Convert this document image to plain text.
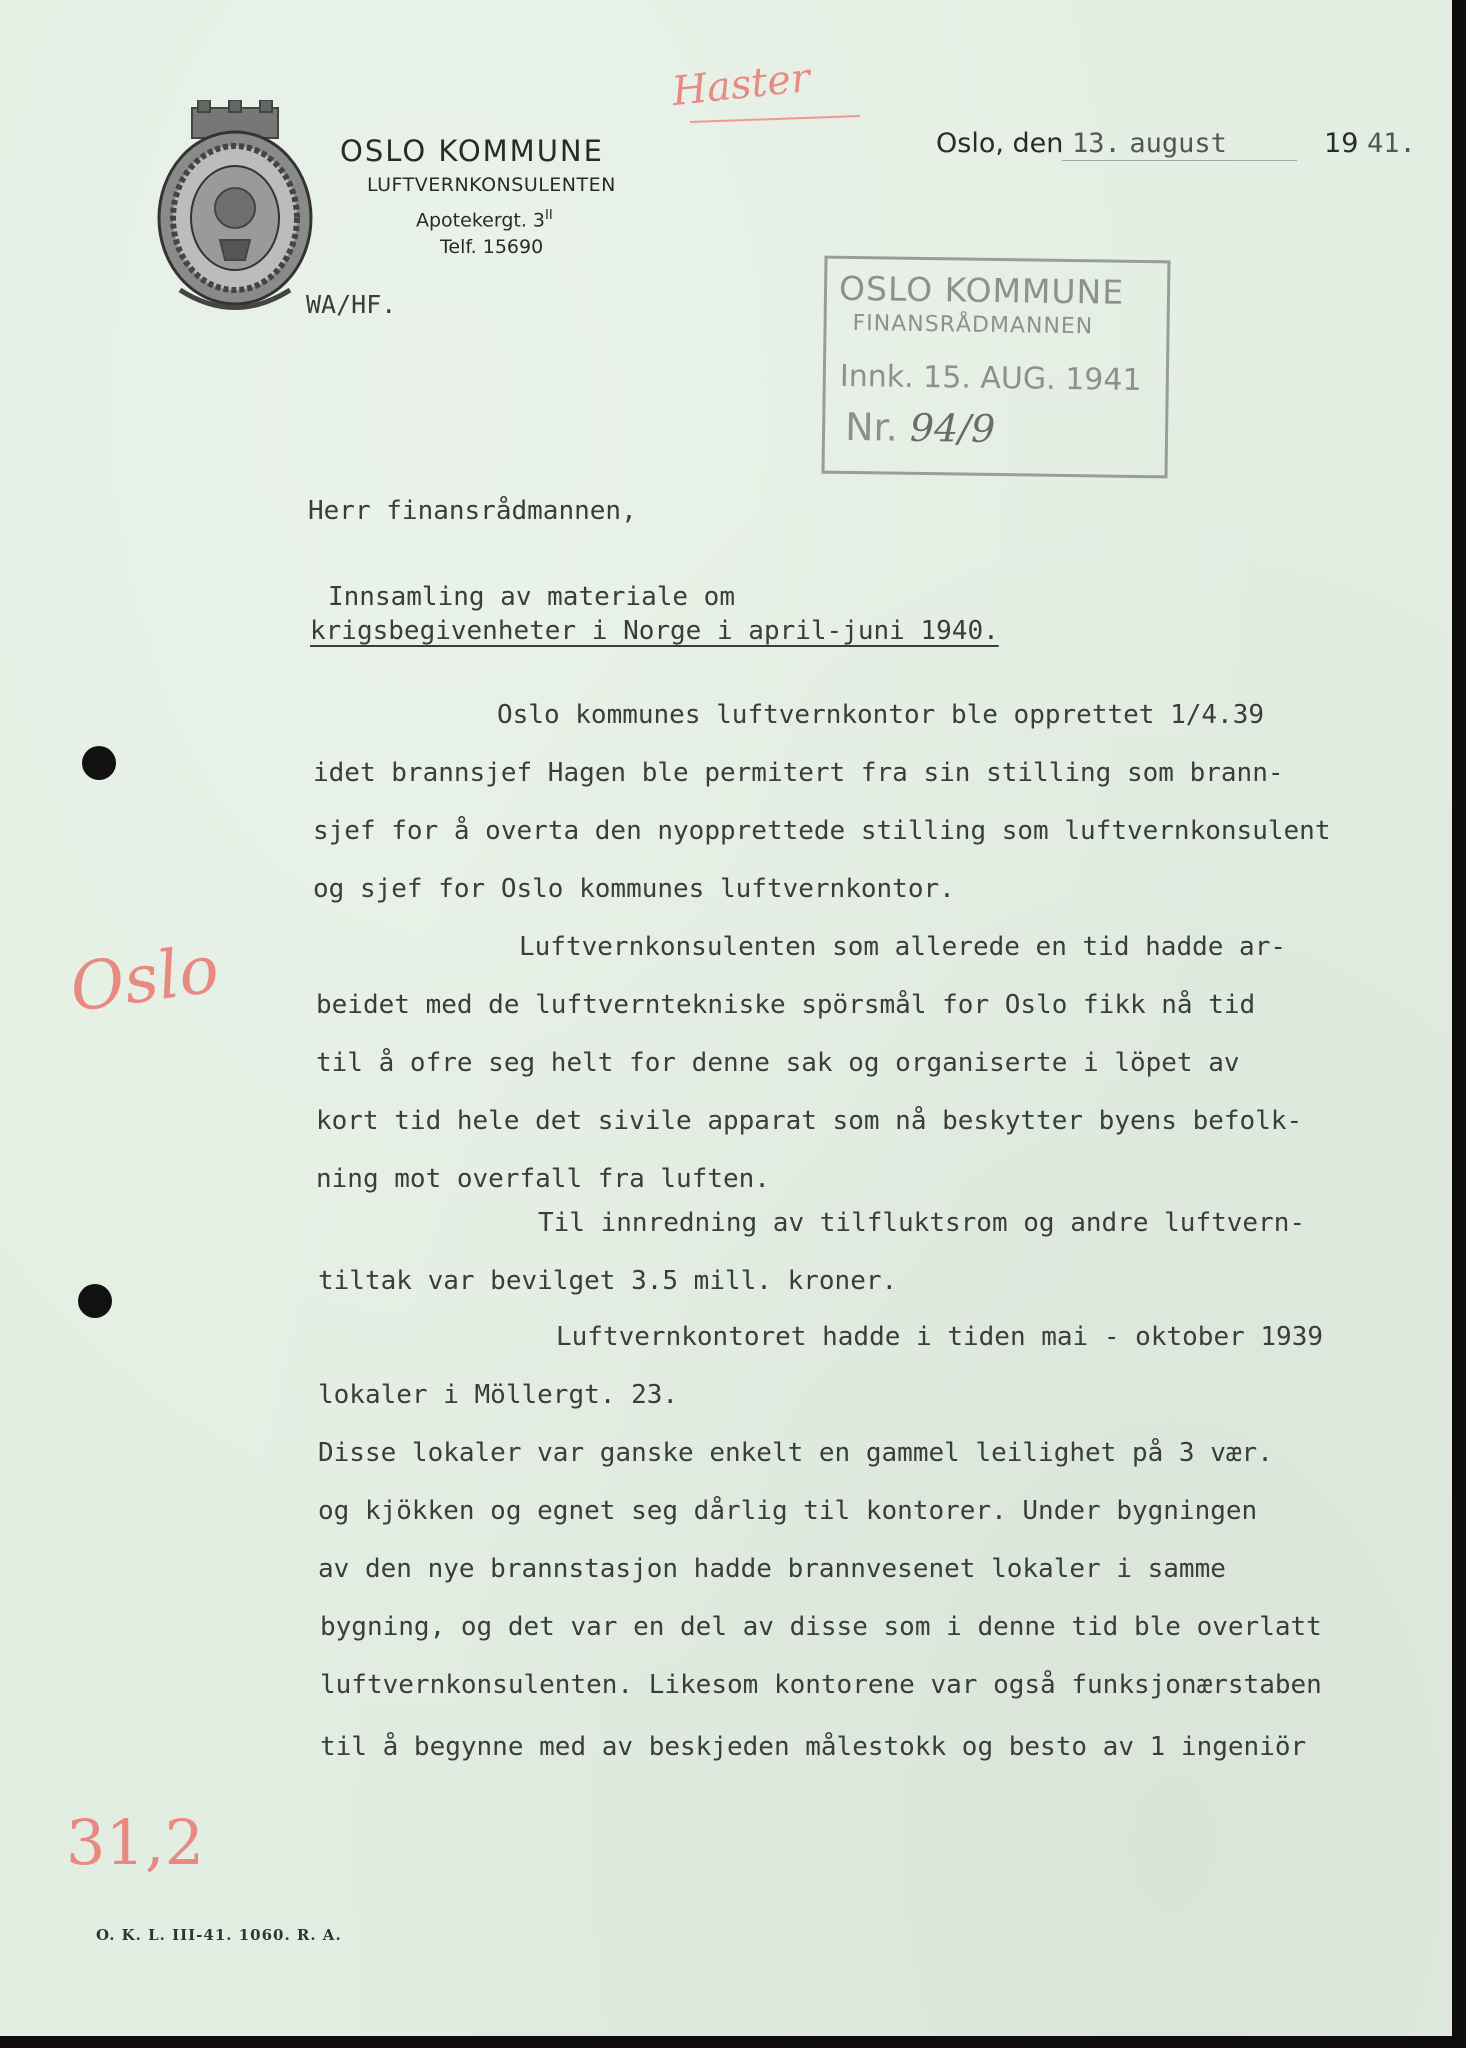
Haster
OSLO KOMMUNE
LUFTVERNKONSULENTEN
Apotekergt. $3^{II}$
Telf. 15690
Oslo, den 13. august	19 41.
WA/HF.	OSLO KOMMUNE
FINANSRÅDMANNEN
Innk. 15. AUG. 1941
Nr. 94/9
Herr finansrådmannen,
Innsamling av materiale om
krigsbegivenheter i Norge i april-juni 1940.
Oslo kommunes luftvernkontor ble opprettet 1/4.39
idet brannsjef Hagen ble permitert fra sin stilling som brann-
sjef for å overta den nyopprettede stilling som luftvernkonsulent
og sjef for Oslo kommunes luftvernkontor.
Luftvernkonsulenten som allerede en tid hadde ar-
beidet med de luftverntekniske spörsmål for Oslo fikk nå tid
til å ofre seg helt for denne sak og organiserte i löpet av
kort tid hele det sivile apparat som nå beskytter byens befolk-
ning mot overfall fra luften.
Til innredning av tilfluktsrom og andre luftvern-
tiltak var bevilget 3.5 mill. kroner.
Luftvernkontoret hadde i tiden mai - oktober 1939
lokaler i Möllergt. 23.
Disse lokaler var ganske enkelt en gammel leilighet på 3 vær.
og kjökken og egnet seg dårlig til kontorer. Under bygningen
av den nye brannstasjon hadde brannvesenet lokaler i samme
bygning, og det var en del av disse som i denne tid ble overlatt
luftvernkonsulenten. Likesom kontorene var også funksjonærstaben
til å begynne med av beskjeden målestokk og besto av 1 ingeniör
Oslo
31,2
O. K. L. III-41. 1060. R. A.
